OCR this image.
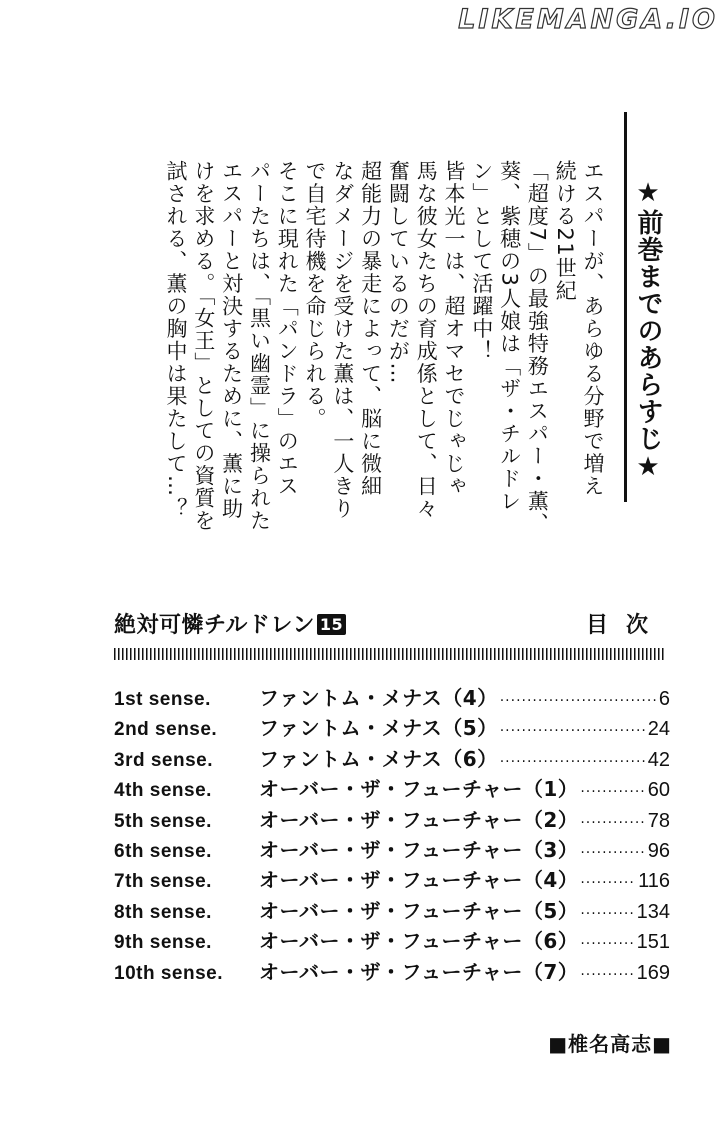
LIKEMANGA.IO
★前巻までのあらすじ★
エスパーが、あらゆる分野で増え
続ける21世紀
「超度7」の最強特務エスパー・薫、
葵、紫穂の3人娘は「ザ・チルドレ
ン」として活躍中！
皆本光一は、超オマセでじゃじゃ
馬な彼女たちの育成係として、日々
奮闘しているのだが…
超能力の暴走によって、脳に微細
なダメージを受けた薫は、一人きり
で自宅待機を命じられる。
そこに現れた「パンドラ」のエス
パーたちは、「黒い幽霊」に操られた
エスパーと対決するために、薫に助
けを求める。「女王」としての資質を
試される、薫の胸中は果たして…？
絶対可憐チルドレン 15	目次
1st sense.	ファントム・メナス（4） ·····	6
2nd sense.	ファントム・メナス（5） ·····	24
3rd sense.	ファントム・メナス（6） ·····	42
4th sense.	オーバー・ザ・フューチャー（1） ·····	60
5th sense.	オーバー・ザ・フューチャー（2） ·····	78
6th sense.	オーバー・ザ・フューチャー（3） ·····	96
7th sense.	オーバー・ザ・フューチャー（4） ·····	116
8th sense.	オーバー・ザ・フューチャー（5） ·····	134
9th sense.	オーバー・ザ・フューチャー（6） ·····	151
10th sense.	オーバー・ザ・フューチャー（7） ·····	169
■椎名高志■
